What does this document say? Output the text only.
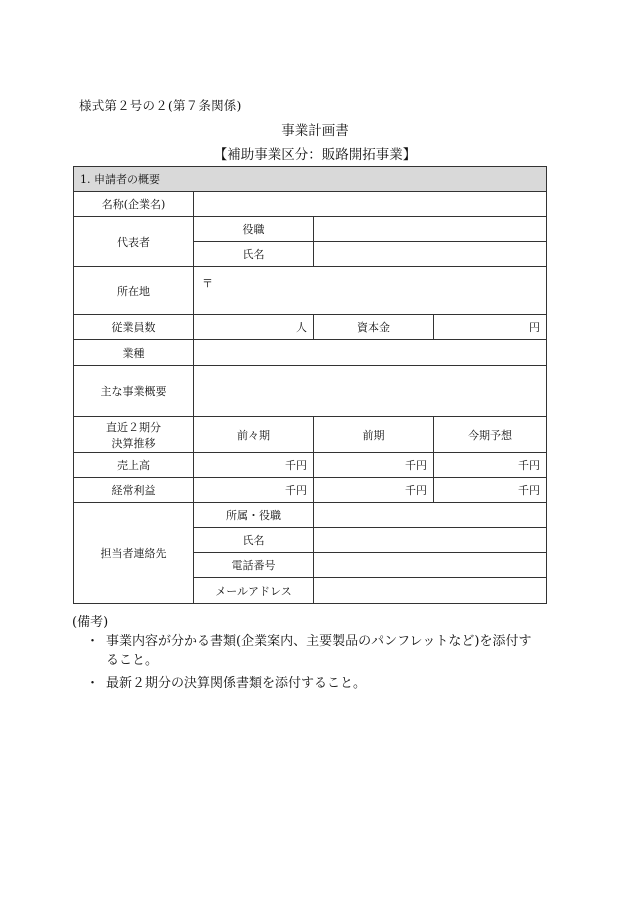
様式第２号の２(第７条関係)
事業計画書
【補助事業区分：販路開拓事業】
1. 申請者の概要			
名称(企業名)			
代表者	役職		
	氏名		
所在地	〒		
従業員数	人	資本金	円
業種			
主な事業概要			

直近２期分
決算推移	前々期	前期	今期予想
売上高	千円	千円	千円
経常利益	千円	千円	千円
担当者連絡先	所属・役職		
	氏名		
	電話番号		
	メールアドレス		
(備考)
・ 事業内容が分かる書類(企業案内、主要製品のパンフレットなど)を添付す
ること。
・ 最新２期分の決算関係書類を添付すること。
